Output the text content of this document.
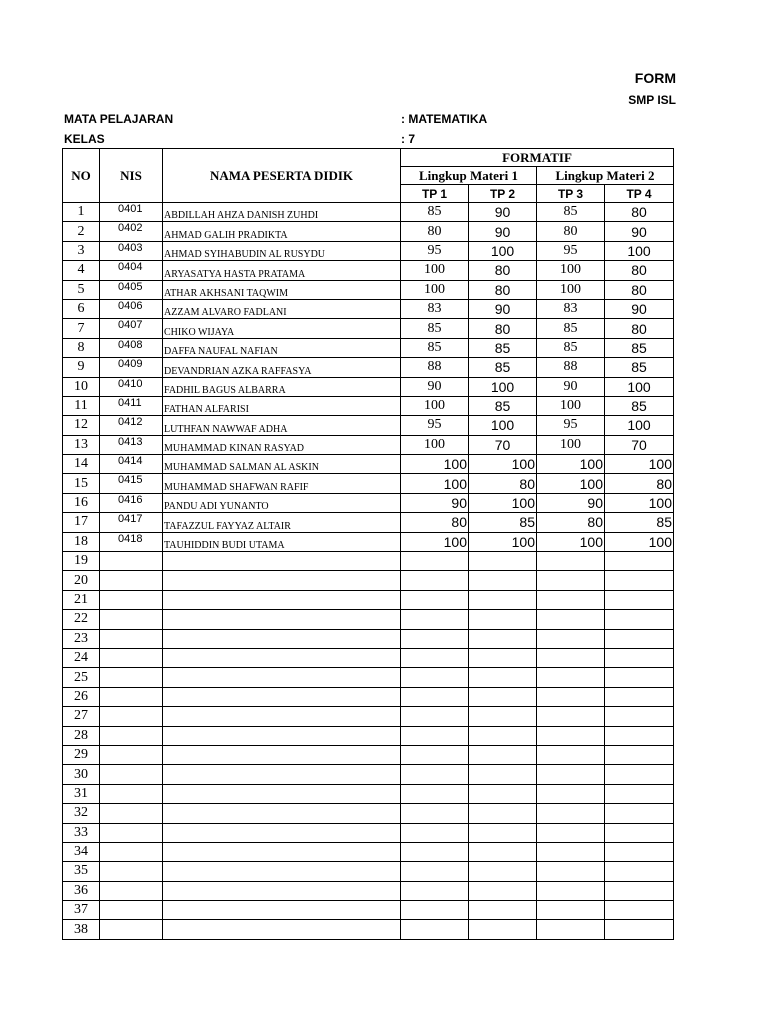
FORM
SMP ISL
MATA PELAJARAN	: MATEMATIKA
KELAS	: 7
NO	NIS	NAMA PESERTA DIDIK	FORMATIF			
			Lingkup Materi 1		Lingkup Materi 2	
			TP 1	TP 2	TP 3	TP 4
1	0401	ABDILLAH AHZA DANISH ZUHDI	85	90	85	80
2	0402	AHMAD GALIH PRADIKTA	80	90	80	90
3	0403	AHMAD SYIHABUDIN AL RUSYDU	95	100	95	100
4	0404	ARYASATYA HASTA PRATAMA	100	80	100	80
5	0405	ATHAR AKHSANI TAQWIM	100	80	100	80
6	0406	AZZAM ALVARO FADLANI	83	90	83	90
7	0407	CHIKO WIJAYA	85	80	85	80
8	0408	DAFFA NAUFAL NAFIAN	85	85	85	85
9	0409	DEVANDRIAN AZKA RAFFASYA	88	85	88	85
10	0410	FADHIL BAGUS ALBARRA	90	100	90	100
11	0411	FATHAN ALFARISI	100	85	100	85
12	0412	LUTHFAN NAWWAF ADHA	95	100	95	100
13	0413	MUHAMMAD KINAN RASYAD	100	70	100	70
14	0414	MUHAMMAD SALMAN AL ASKIN	100	100	100	100
15	0415	MUHAMMAD SHAFWAN RAFIF	100	80	100	80
16	0416	PANDU ADI YUNANTO	90	100	90	100
17	0417	TAFAZZUL FAYYAZ ALTAIR	80	85	80	85
18	0418	TAUHIDDIN BUDI UTAMA	100	100	100	100
19						
20						
21						
22						
23						
24						
25						
26						
27						
28						
29						
30						
31						
32						
33						
34						
35						
36						
37						
38						
